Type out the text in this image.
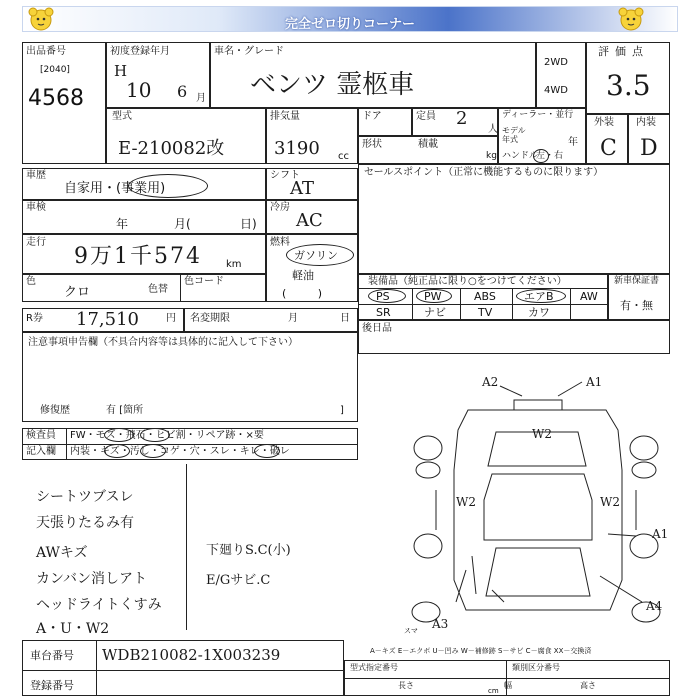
完全ゼロ切りコーナー
出品番号
[2040]
4568
初度登録年月
H
10 6 月
車名・グレード
ベンツ 霊柩車
2WD
4WD
評価点
3.5
型式
E-210082改
排気量
3190 cc
ドア	定員 2
人
ディーラー・並行
モデル年式	年
形状	積載
kg ハンドル
左・右
外装 内装
C D
車歴
自家用・(事業用)
シフト
AT
車検
年	月(	日)
冷房
AC
走行
9万1千574 km
燃料
ガソリン
軽油
( )
色
クロ	色替
色コード
R券 17,510	円 名変期限	月	日
セールスポイント（正常に機能するものに限ります）
装備品（純正品に限り○をつけてください）
PS	PW	ABS	エアB AW
SR	ナビ	TV	カワ
新車保証書
有・無
後日品
注意事項申告欄（不具合内容等は具体的に記入して下さい）
修復歴	有 [箇所	]
検査員 FW・モズ・飛石・ヒビ割・リペア跡・×要
記入欄 内装・キズ・汚し・コゲ・穴・スレ・キレ・破レ
シートツブスレ
天張りたるみ有
AWキズ
カンバン消しアト
ヘッドライトくすみ
A・U・W2
下廻りS.C(小)
E/Gサビ.C
A2	A1
W2
W2	W2
A1
A4
A3
スマ
A－キズ E－エクボ U－凹み W－補修跡 S－サビ C－腐食 XX－交換済
車台番号 WDB210082-1X003239
登録番号
型式指定番号	類別区分番号
長さ
cm
幅	高さ
